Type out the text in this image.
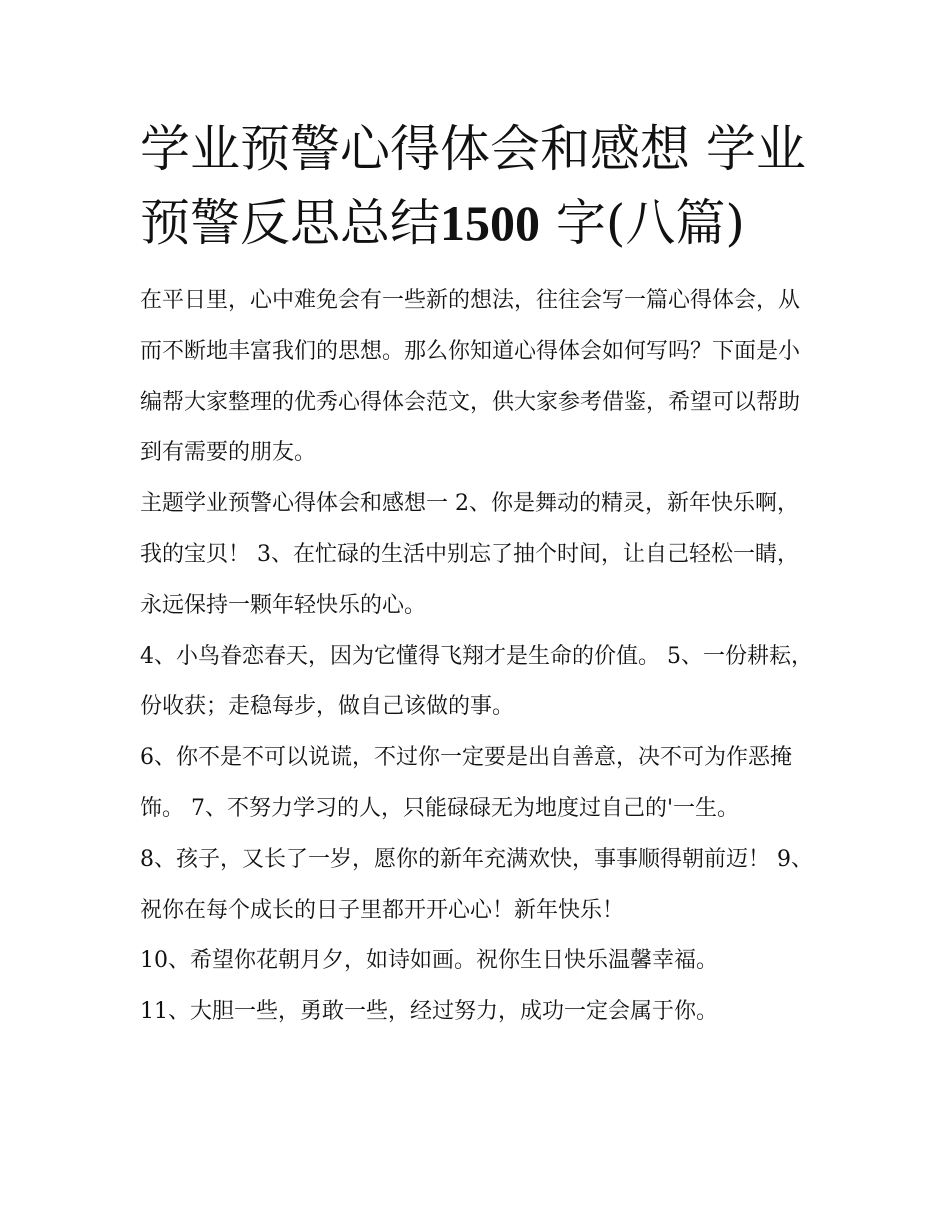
学业预警心得体会和感想 学业预警反思总结1500 字(八篇)

在平日里，心中难免会有一些新的想法，往往会写一篇心得体会，从而不断地丰富我们的思想。那么你知道心得体会如何写吗？下面是小编帮大家整理的优秀心得体会范文，供大家参考借鉴，希望可以帮助到有需要的朋友。

主题学业预警心得体会和感想一 2、你是舞动的精灵，新年快乐啊，我的宝贝！ 3、在忙碌的生活中别忘了抽个时间，让自己轻松一睛，永远保持一颗年轻快乐的心。

4、小鸟眷恋春天，因为它懂得飞翔才是生命的价值。 5、一份耕耘，份收获；走稳每步，做自己该做的事。

6、你不是不可以说谎，不过你一定要是出自善意，决不可为作恶掩饰。 7、不努力学习的人，只能碌碌无为地度过自己的'一生。

8、孩子，又长了一岁，愿你的新年充满欢快，事事顺得朝前迈！ 9、祝你在每个成长的日子里都开开心心！新年快乐！

10、希望你花朝月夕，如诗如画。祝你生日快乐温馨幸福。

11、大胆一些，勇敢一些，经过努力，成功一定会属于你。
